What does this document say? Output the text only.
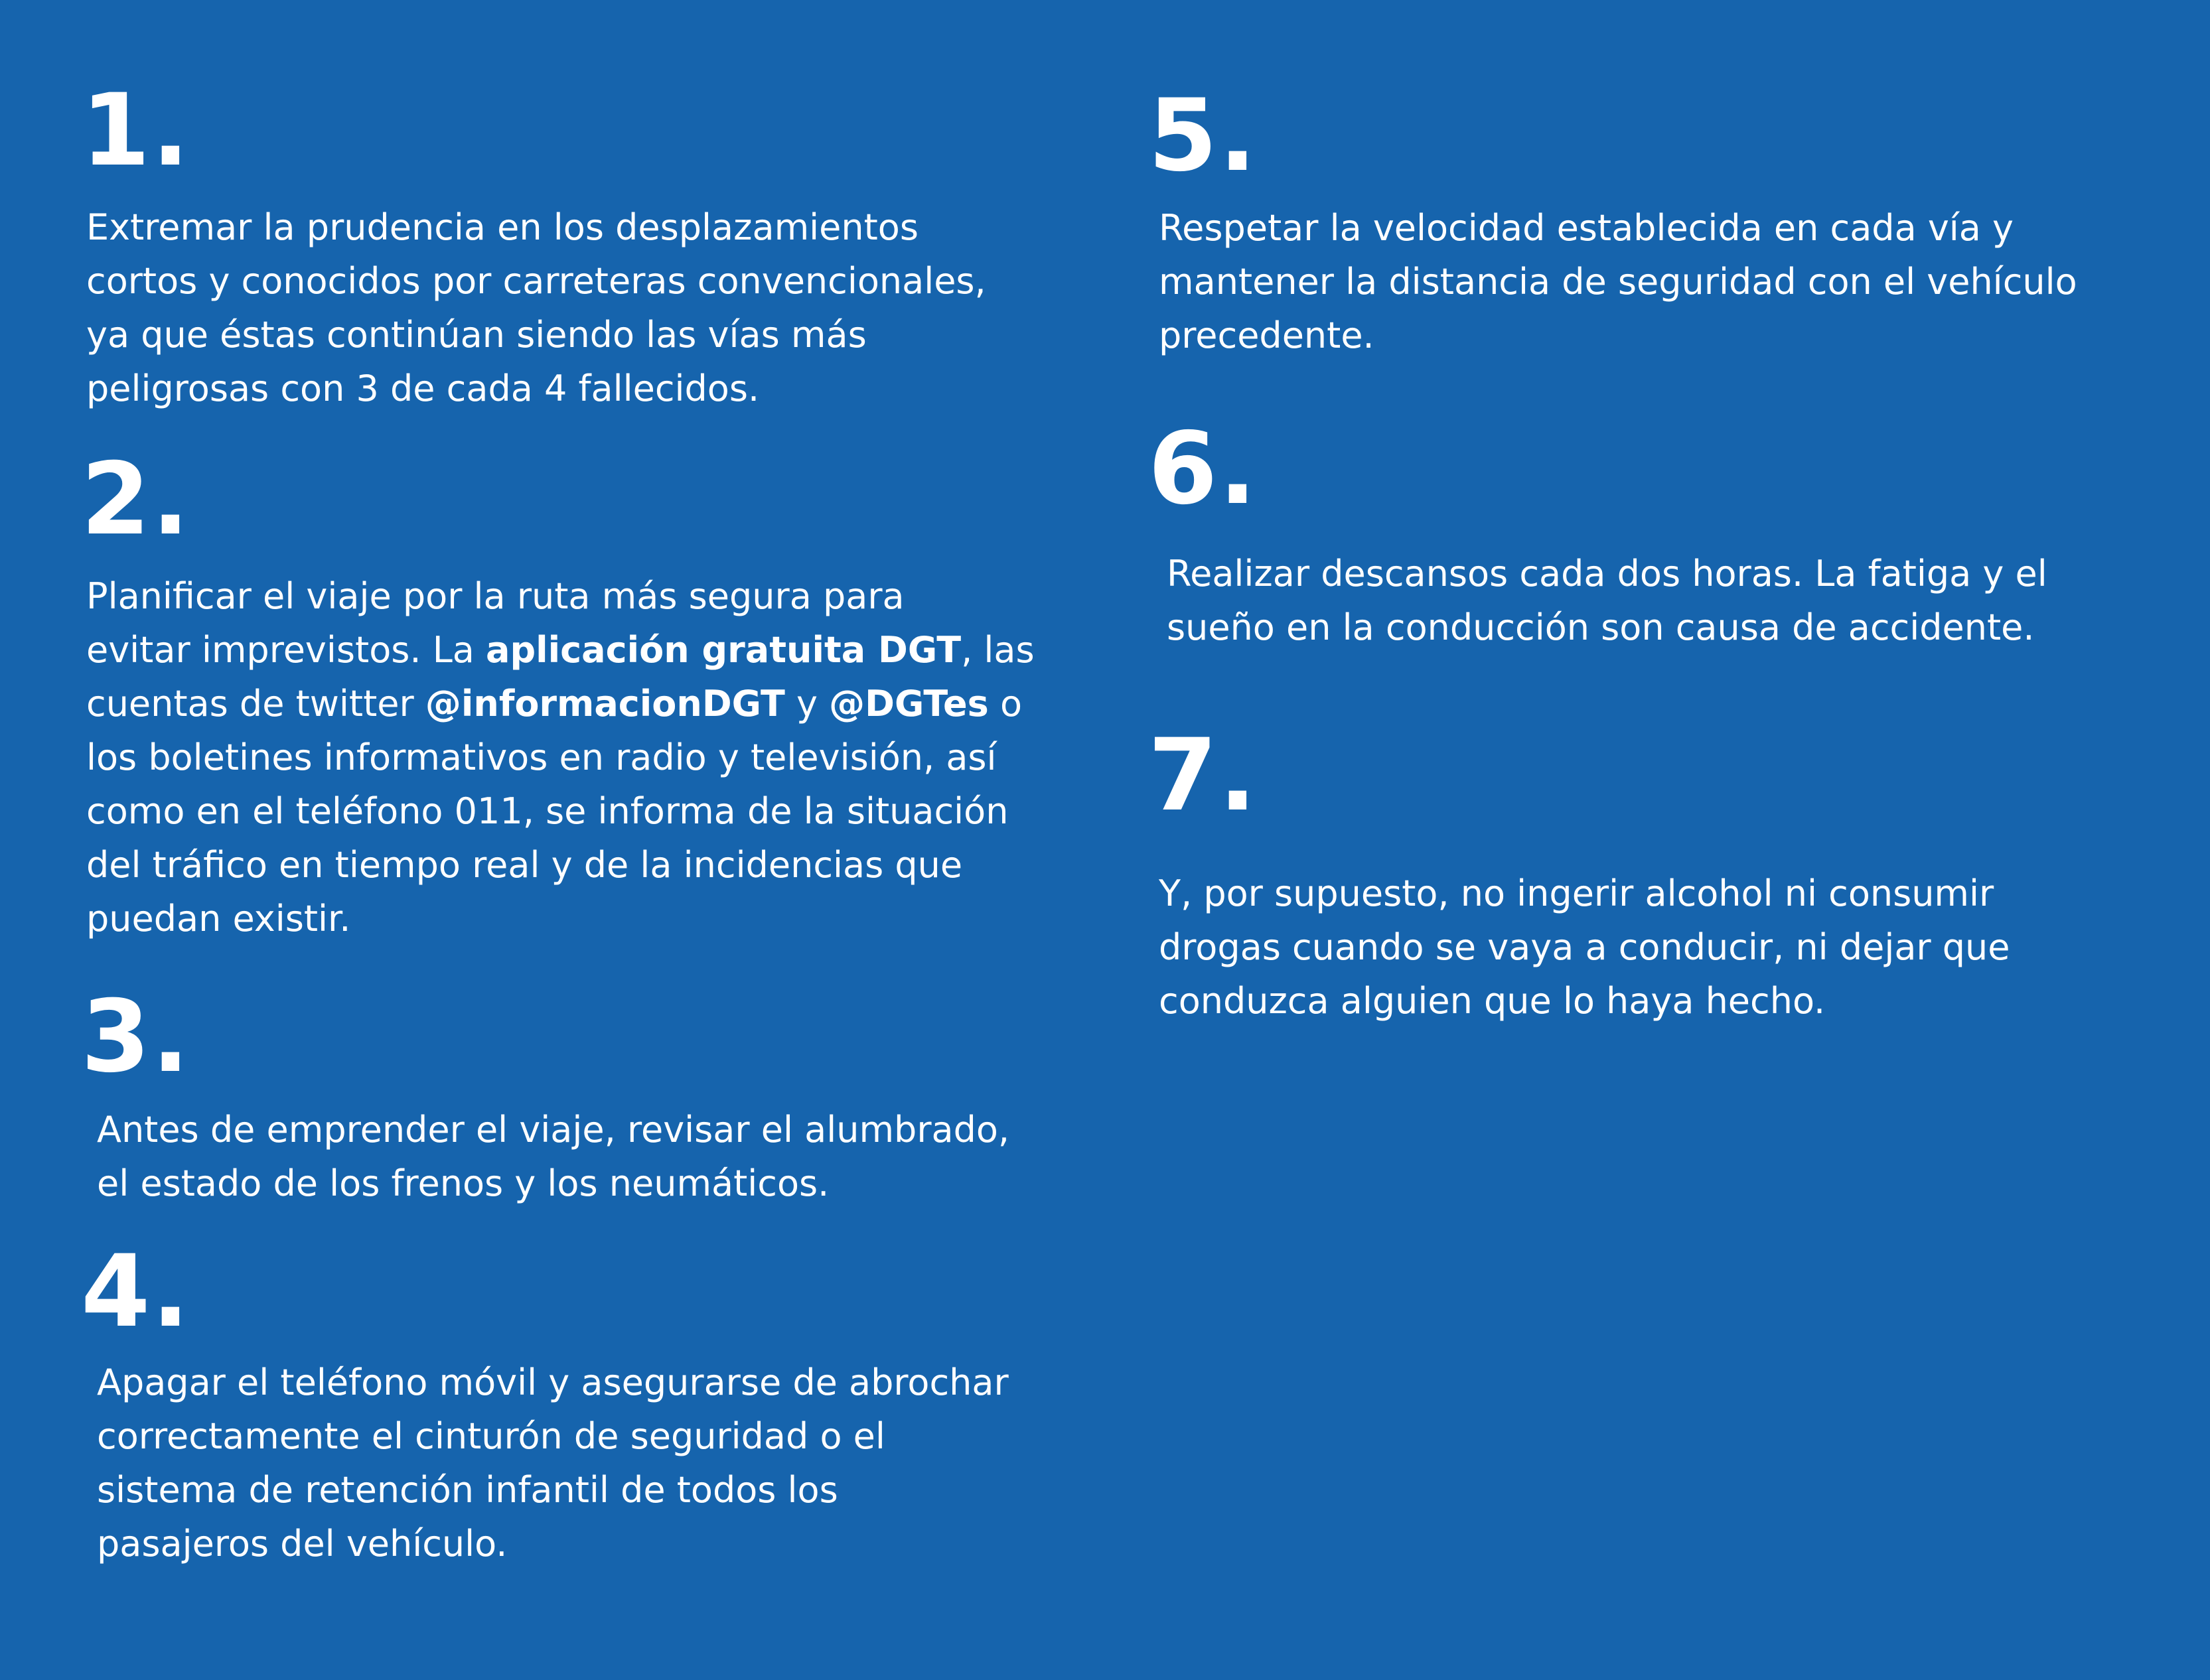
1.

Extremar la prudencia en los desplazamientos
cortos y conocidos por carreteras convencionales,
ya que éstas continúan siendo las vías más
peligrosas con 3 de cada 4 fallecidos.

2.

Planificar el viaje por la ruta más segura para
evitar imprevistos. La aplicación gratuita DGT, las
cuentas de twitter @informacionDGT y @DGTes o
los boletines informativos en radio y televisión, así
como en el teléfono 011, se informa de la situación
del tráfico en tiempo real y de la incidencias que
puedan existir.

3.

Antes de emprender el viaje, revisar el alumbrado,
el estado de los frenos y los neumáticos.

4.

Apagar el teléfono móvil y asegurarse de abrochar
correctamente el cinturón de seguridad o el
sistema de retención infantil de todos los
pasajeros del vehículo.

5.

Respetar la velocidad establecida en cada vía y
mantener la distancia de seguridad con el vehículo
precedente.

6.

Realizar descansos cada dos horas. La fatiga y el
sueño en la conducción son causa de accidente.

7.

Y, por supuesto, no ingerir alcohol ni consumir
drogas cuando se vaya a conducir, ni dejar que
conduzca alguien que lo haya hecho.
